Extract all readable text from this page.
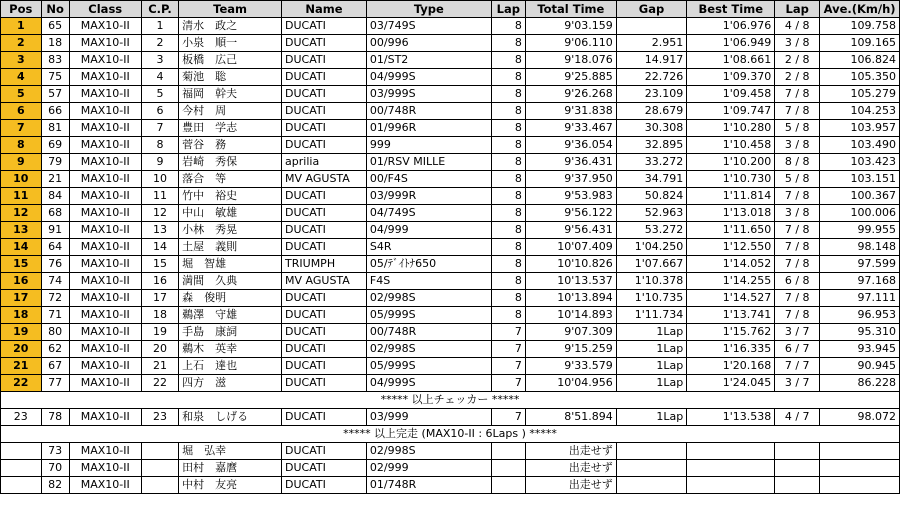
Pos	No	Class	C.P.	Team	Name	Type	Lap	Total Time	Gap	Best Time	Lap	Ave.(Km/h)
1	65	MAX10-II	1	清水　政之	DUCATI	03/749S	8	9'03.159		1'06.976	4 / 8	109.758
2	18	MAX10-II	2	小泉　順一	DUCATI	00/996	8	9'06.110	2.951	1'06.949	3 / 8	109.165
3	83	MAX10-II	3	板橋　広己	DUCATI	01/ST2	8	9'18.076	14.917	1'08.661	2 / 8	106.824
4	75	MAX10-II	4	菊池　聡	DUCATI	04/999S	8	9'25.885	22.726	1'09.370	2 / 8	105.350
5	57	MAX10-II	5	福岡　幹夫	DUCATI	03/999S	8	9'26.268	23.109	1'09.458	7 / 8	105.279
6	66	MAX10-II	6	今村　周	DUCATI	00/748R	8	9'31.838	28.679	1'09.747	7 / 8	104.253
7	81	MAX10-II	7	豊田　学志	DUCATI	01/996R	8	9'33.467	30.308	1'10.280	5 / 8	103.957
8	69	MAX10-II	8	菅谷　務	DUCATI	999	8	9'36.054	32.895	1'10.458	3 / 8	103.490
9	79	MAX10-II	9	岩崎　秀保	aprilia	01/RSV MILLE	8	9'36.431	33.272	1'10.200	8 / 8	103.423
10	21	MAX10-II	10	落合　等	MV AGUSTA	00/F4S	8	9'37.950	34.791	1'10.730	5 / 8	103.151
11	84	MAX10-II	11	竹中　裕史	DUCATI	03/999R	8	9'53.983	50.824	1'11.814	7 / 8	100.367
12	68	MAX10-II	12	中山　敏雄	DUCATI	04/749S	8	9'56.122	52.963	1'13.018	3 / 8	100.006
13	91	MAX10-II	13	小林　秀晃	DUCATI	04/999	8	9'56.431	53.272	1'11.650	7 / 8	99.955
14	64	MAX10-II	14	土屋　義則	DUCATI	S4R	8	10'07.409	1'04.250	1'12.550	7 / 8	98.148
15	76	MAX10-II	15	堀　智雄	TRIUMPH	05/ﾃﾞｲﾄﾅ650	8	10'10.826	1'07.667	1'14.052	7 / 8	97.599
16	74	MAX10-II	16	満間　久典	MV AGUSTA	F4S	8	10'13.537	1'10.378	1'14.255	6 / 8	97.168
17	72	MAX10-II	17	森　俊明	DUCATI	02/998S	8	10'13.894	1'10.735	1'14.527	7 / 8	97.111
18	71	MAX10-II	18	鵜澤　守雄	DUCATI	05/999S	8	10'14.893	1'11.734	1'13.741	7 / 8	96.953
19	80	MAX10-II	19	手島　康詞	DUCATI	00/748R	7	9'07.309	1Lap	1'15.762	3 / 7	95.310
20	62	MAX10-II	20	鵜木　英幸	DUCATI	02/998S	7	9'15.259	1Lap	1'16.335	6 / 7	93.945
21	67	MAX10-II	21	上石　達也	DUCATI	05/999S	7	9'33.579	1Lap	1'20.168	7 / 7	90.945
22	77	MAX10-II	22	四方　滋	DUCATI	04/999S	7	10'04.956	1Lap	1'24.045	3 / 7	86.228
***** 以上チェッカー *****												
23	78	MAX10-II	23	和泉　しげる	DUCATI	03/999	7	8'51.894	1Lap	1'13.538	4 / 7	98.072
***** 以上完走 (MAX10-II : 6Laps ) *****												
	73	MAX10-II		堀　弘幸	DUCATI	02/998S		出走せず				
	70	MAX10-II		田村　嘉麿	DUCATI	02/999		出走せず				
	82	MAX10-II		中村　友亮	DUCATI	01/748R		出走せず				
